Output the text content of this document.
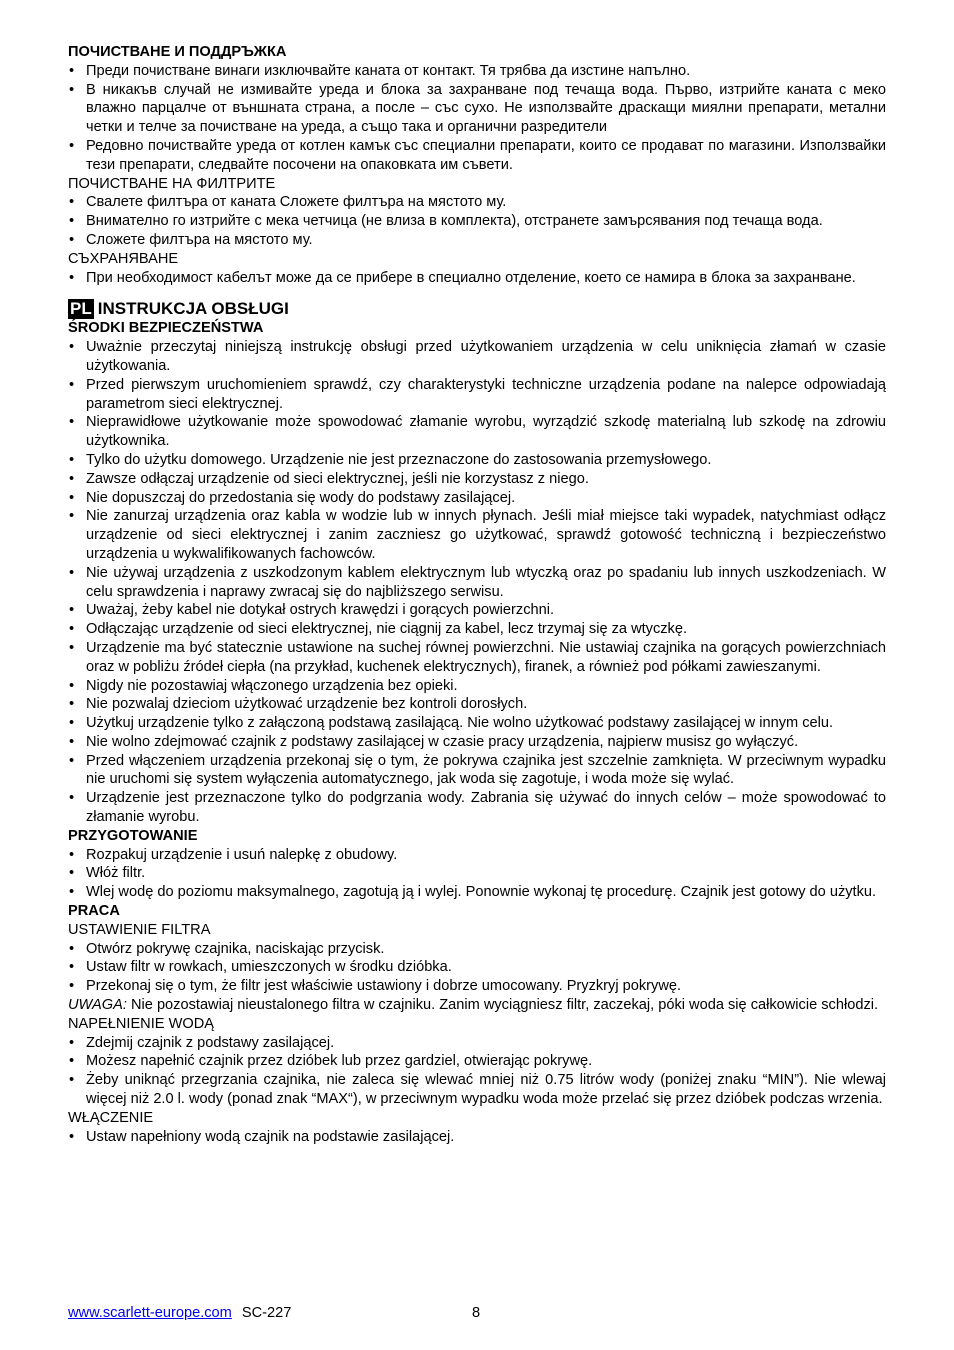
ПОЧИСТВАНЕ И ПОДДРЪЖКА
• Преди почистване винаги изключвайте каната от контакт. Тя трябва да изстине напълно.
• В никакъв случай не измивайте уреда и блока за захранване под течаща вода. Първо, изтрийте каната с меко влажно парцалче от външната страна, а после – със сухо. Не използвайте драскащи миялни препарати, метални четки и телче за почистване на уреда, а също така и органични разредители
• Редовно почиствайте уреда от котлен камък със специални препарати, които се продават по магазини. Използвайки тези препарати, следвайте посочени на опаковката им съвети.
ПОЧИСТВАНЕ НА ФИЛТРИТЕ
• Свалете филтъра от каната Сложете филтъра на мястото му.
• Внимателно го изтрийте с мека четчица (не влиза в комплекта), отстранете замърсявания под течаща вода.
• Сложете филтъра на мястото му.
СЪХРАНЯВАНЕ
• При необходимост кабелът може да се прибере в специално отделение, което се намира в блока за захранване.
PL INSTRUKCJA OBSŁUGI
ŚRODKI BEZPIECZEŃSTWA
• Uważnie przeczytaj niniejszą instrukcję obsługi przed użytkowaniem urządzenia w celu uniknięcia złamań w czasie użytkowania.
• Przed pierwszym uruchomieniem sprawdź, czy charakterystyki techniczne urządzenia podane na nalepce odpowiadają parametrom sieci elektrycznej.
• Nieprawidłowe użytkowanie może spowodować złamanie wyrobu, wyrządzić szkodę materialną lub szkodę na zdrowiu użytkownika.
• Tylko do użytku domowego. Urządzenie nie jest przeznaczone do zastosowania przemysłowego.
• Zawsze odłączaj urządzenie od sieci elektrycznej, jeśli nie korzystasz z niego.
• Nie dopuszczaj do przedostania się wody do podstawy zasilającej.
• Nie zanurzaj urządzenia oraz kabla w wodzie lub w innych płynach. Jeśli miał miejsce taki wypadek, natychmiast odłącz urządzenie od sieci elektrycznej i zanim zaczniesz go użytkować, sprawdź gotowość techniczną i bezpieczeństwo urządzenia u wykwalifikowanych fachowców.
• Nie używaj urządzenia z uszkodzonym kablem elektrycznym lub wtyczką oraz po spadaniu lub innych uszkodzeniach. W celu sprawdzenia i naprawy zwracaj się do najbliższego serwisu.
• Uważaj, żeby kabel nie dotykał ostrych krawędzi i gorących powierzchni.
• Odłączając urządzenie od sieci elektrycznej, nie ciągnij za kabel, lecz trzymaj się za wtyczkę.
• Urządzenie ma być statecznie ustawione na suchej równej powierzchni. Nie ustawiaj czajnika na gorących powierzchniach oraz w pobliżu źródeł ciepła (na przykład, kuchenek elektrycznych), firanek, a również pod półkami zawieszanymi.
• Nigdy nie pozostawiaj włączonego urządzenia bez opieki.
• Nie pozwalaj dzieciom użytkować urządzenie bez kontroli dorosłych.
• Użytkuj urządzenie tylko z załączoną podstawą zasilającą. Nie wolno użytkować podstawy zasilającej w innym celu.
• Nie wolno zdejmować czajnik z podstawy zasilającej w czasie pracy urządzenia, najpierw musisz go wyłączyć.
• Przed włączeniem urządzenia przekonaj się o tym, że pokrywa czajnika jest szczelnie zamknięta. W przeciwnym wypadku nie uruchomi się system wyłączenia automatycznego, jak woda się zagotuje, i woda może się wylać.
• Urządzenie jest przeznaczone tylko do podgrzania wody. Zabrania się używać do innych celów – może spowodować to złamanie wyrobu.
PRZYGOTOWANIE
• Rozpakuj urządzenie i usuń nalepkę z obudowy.
• Włóż filtr.
• Wlej wodę do poziomu maksymalnego, zagotują ją i wylej. Ponownie wykonaj tę procedurę. Czajnik jest gotowy do użytku.
PRACA
USTAWIENIE FILTRA
• Otwórz pokrywę czajnika, naciskając przycisk.
• Ustaw filtr w rowkach, umieszczonych w środku dzióbka.
• Przekonaj się o tym, że filtr jest właściwie ustawiony i dobrze umocowany. Pryzkryj pokrywę.
UWAGA: Nie pozostawiaj nieustalonego filtra w czajniku. Zanim wyciągniesz filtr, zaczekaj, póki woda się całkowicie schłodzi.
NAPEŁNIENIE WODĄ
• Zdejmij czajnik z podstawy zasilającej.
• Możesz napełnić czajnik przez dzióbek lub przez gardziel, otwierając pokrywę.
• Żeby uniknąć przegrzania czajnika, nie zaleca się wlewać mniej niż 0.75 litrów wody (poniżej znaku “MIN”). Nie wlewaj więcej niż 2.0 l. wody (ponad znak “MAX“), w przeciwnym wypadku woda może przelać się przez dzióbek podczas wrzenia.
WŁĄCZENIE
• Ustaw napełniony wodą czajnik na podstawie zasilającej.
www.scarlett-europe.com SC-227	8
